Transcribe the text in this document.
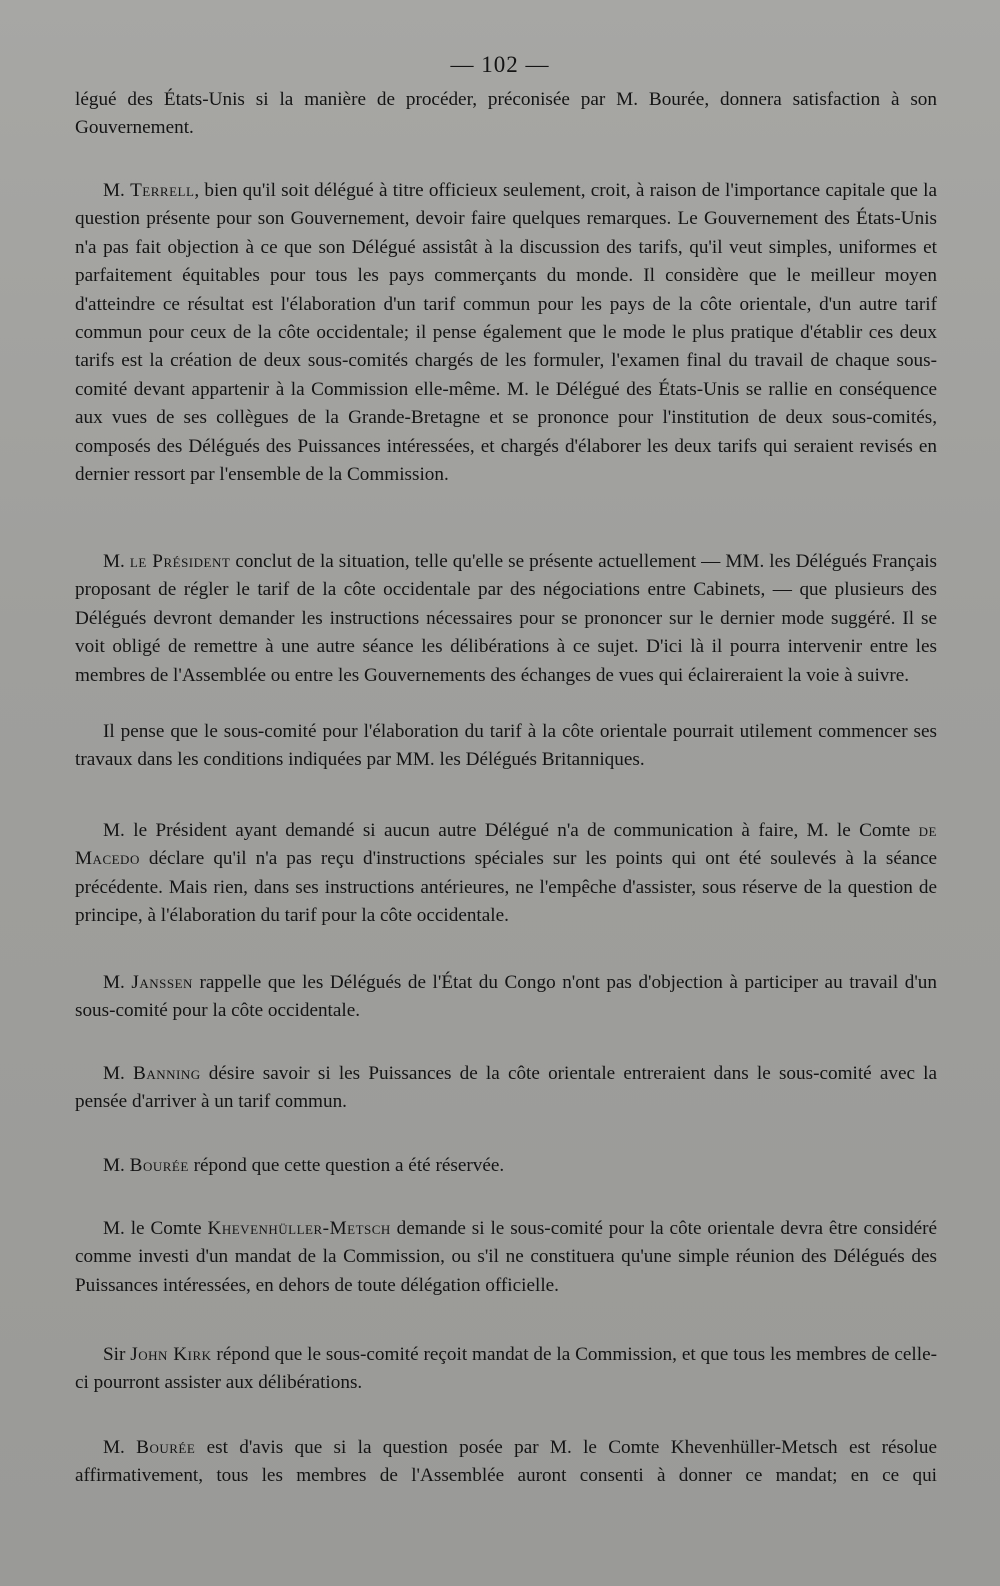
— 102 —

légué des États-Unis si la manière de procéder, préconisée par M. Bourée, donnera satisfaction à son Gouvernement.

M. Terrell, bien qu'il soit délégué à titre officieux seulement, croit, à raison de l'importance capitale que la question présente pour son Gouvernement, devoir faire quelques remarques. Le Gouvernement des États-Unis n'a pas fait objection à ce que son Délégué assistât à la discussion des tarifs, qu'il veut simples, uniformes et parfaitement équitables pour tous les pays commerçants du monde. Il considère que le meilleur moyen d'atteindre ce résultat est l'élaboration d'un tarif commun pour les pays de la côte orientale, d'un autre tarif commun pour ceux de la côte occidentale; il pense également que le mode le plus pratique d'établir ces deux tarifs est la création de deux sous-comités chargés de les formuler, l'examen final du travail de chaque sous-comité devant appartenir à la Commission elle-même. M. le Délégué des États-Unis se rallie en conséquence aux vues de ses collègues de la Grande-Bretagne et se prononce pour l'institution de deux sous-comités, composés des Délégués des Puissances intéressées, et chargés d'élaborer les deux tarifs qui seraient revisés en dernier ressort par l'ensemble de la Commission.

M. le Président conclut de la situation, telle qu'elle se présente actuellement — MM. les Délégués Français proposant de régler le tarif de la côte occidentale par des négociations entre Cabinets, — que plusieurs des Délégués devront demander les instructions nécessaires pour se prononcer sur le dernier mode suggéré. Il se voit obligé de remettre à une autre séance les délibérations à ce sujet. D'ici là il pourra intervenir entre les membres de l'Assemblée ou entre les Gouvernements des échanges de vues qui éclaireraient la voie à suivre.

Il pense que le sous-comité pour l'élaboration du tarif à la côte orientale pourrait utilement commencer ses travaux dans les conditions indiquées par MM. les Délégués Britanniques.

M. le Président ayant demandé si aucun autre Délégué n'a de communication à faire, M. le Comte de Macedo déclare qu'il n'a pas reçu d'instructions spéciales sur les points qui ont été soulevés à la séance précédente. Mais rien, dans ses instructions antérieures, ne l'empêche d'assister, sous réserve de la question de principe, à l'élaboration du tarif pour la côte occidentale.

M. Janssen rappelle que les Délégués de l'État du Congo n'ont pas d'objection à participer au travail d'un sous-comité pour la côte occidentale.

M. Banning désire savoir si les Puissances de la côte orientale entreraient dans le sous-comité avec la pensée d'arriver à un tarif commun.

M. Bourée répond que cette question a été réservée.

M. le Comte Khevenhüller-Metsch demande si le sous-comité pour la côte orientale devra être considéré comme investi d'un mandat de la Commission, ou s'il ne constituera qu'une simple réunion des Délégués des Puissances intéressées, en dehors de toute délégation officielle.

Sir John Kirk répond que le sous-comité reçoit mandat de la Commission, et que tous les membres de celle-ci pourront assister aux délibérations.

M. Bourée est d'avis que si la question posée par M. le Comte Khevenhüller-Metsch est résolue affirmativement, tous les membres de l'Assemblée auront consenti à donner ce mandat; en ce qui
